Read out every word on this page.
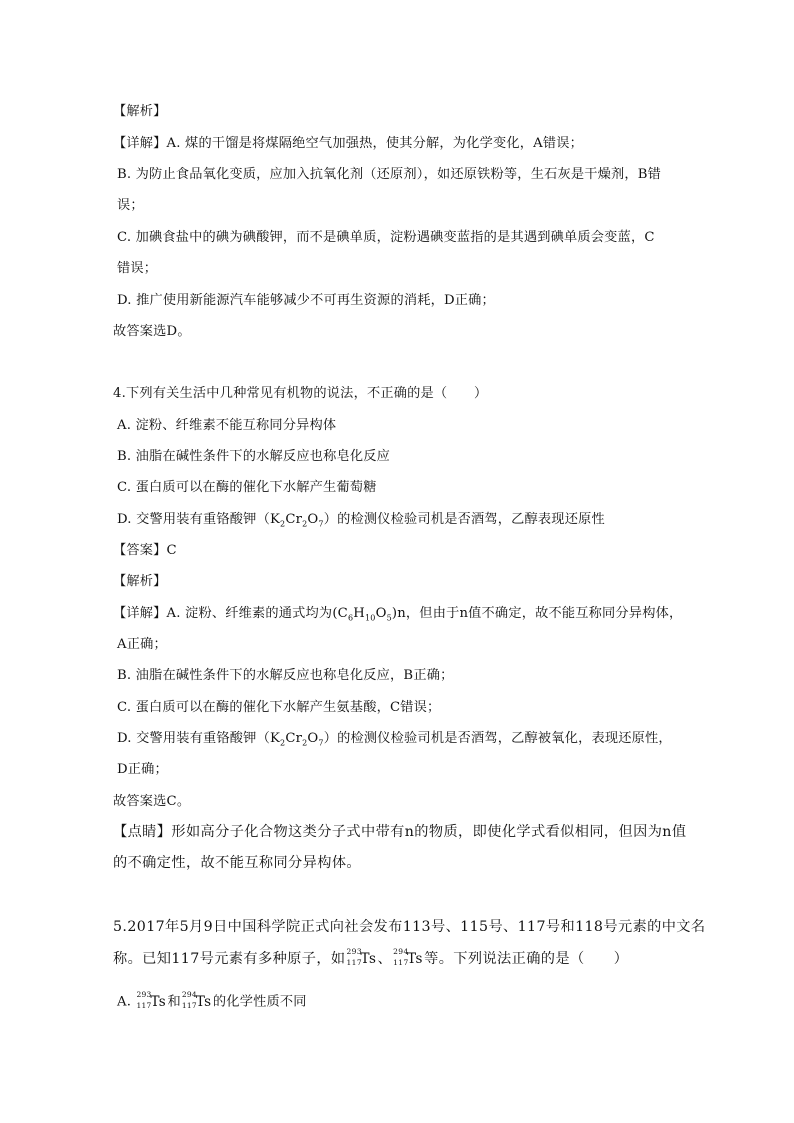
【解析】
【详解】A. 煤的干馏是将煤隔绝空气加强热，使其分解，为化学变化，A错误；
B. 为防止食品氧化变质，应加入抗氧化剂（还原剂），如还原铁粉等，生石灰是干燥剂，B错
误；
C. 加碘食盐中的碘为碘酸钾，而不是碘单质，淀粉遇碘变蓝指的是其遇到碘单质会变蓝，C
错误；
D. 推广使用新能源汽车能够减少不可再生资源的消耗，D正确；
故答案选D。
4.下列有关生活中几种常见有机物的说法，不正确的是（　　）
A. 淀粉、纤维素不能互称同分异构体
B. 油脂在碱性条件下的水解反应也称皂化反应
C. 蛋白质可以在酶的催化下水解产生葡萄糖
D. 交警用装有重铬酸钾$(K_2Cr_2O_7)$的检测仪检验司机是否酒驾，乙醇表现还原性
【答案】C
【解析】
【详解】A. 淀粉、纤维素的通式均为$(C_6H_{10}O_5)n$，但由于n值不确定，故不能互称同分异构体，
A正确；
B. 油脂在碱性条件下的水解反应也称皂化反应，B正确；
C. 蛋白质可以在酶的催化下水解产生氨基酸，C错误；
D. 交警用装有重铬酸钾$(K_2Cr_2O_7)$的检测仪检验司机是否酒驾，乙醇被氧化，表现还原性，
D正确；
故答案选C。
【点睛】形如高分子化合物这类分子式中带有n的物质，即使化学式看似相同，但因为n值
的不确定性，故不能互称同分异构体。
5.2017年5月9日中国科学院正式向社会发布113号、115号、117号和118号元素的中文名
称。已知117号元素有多种原子，如 293
117
Ts 、 294
117
Ts 等。下列说法正确的是（　　）
A. 293
117 Ts 和 294
117 Ts 的化学性质不同
